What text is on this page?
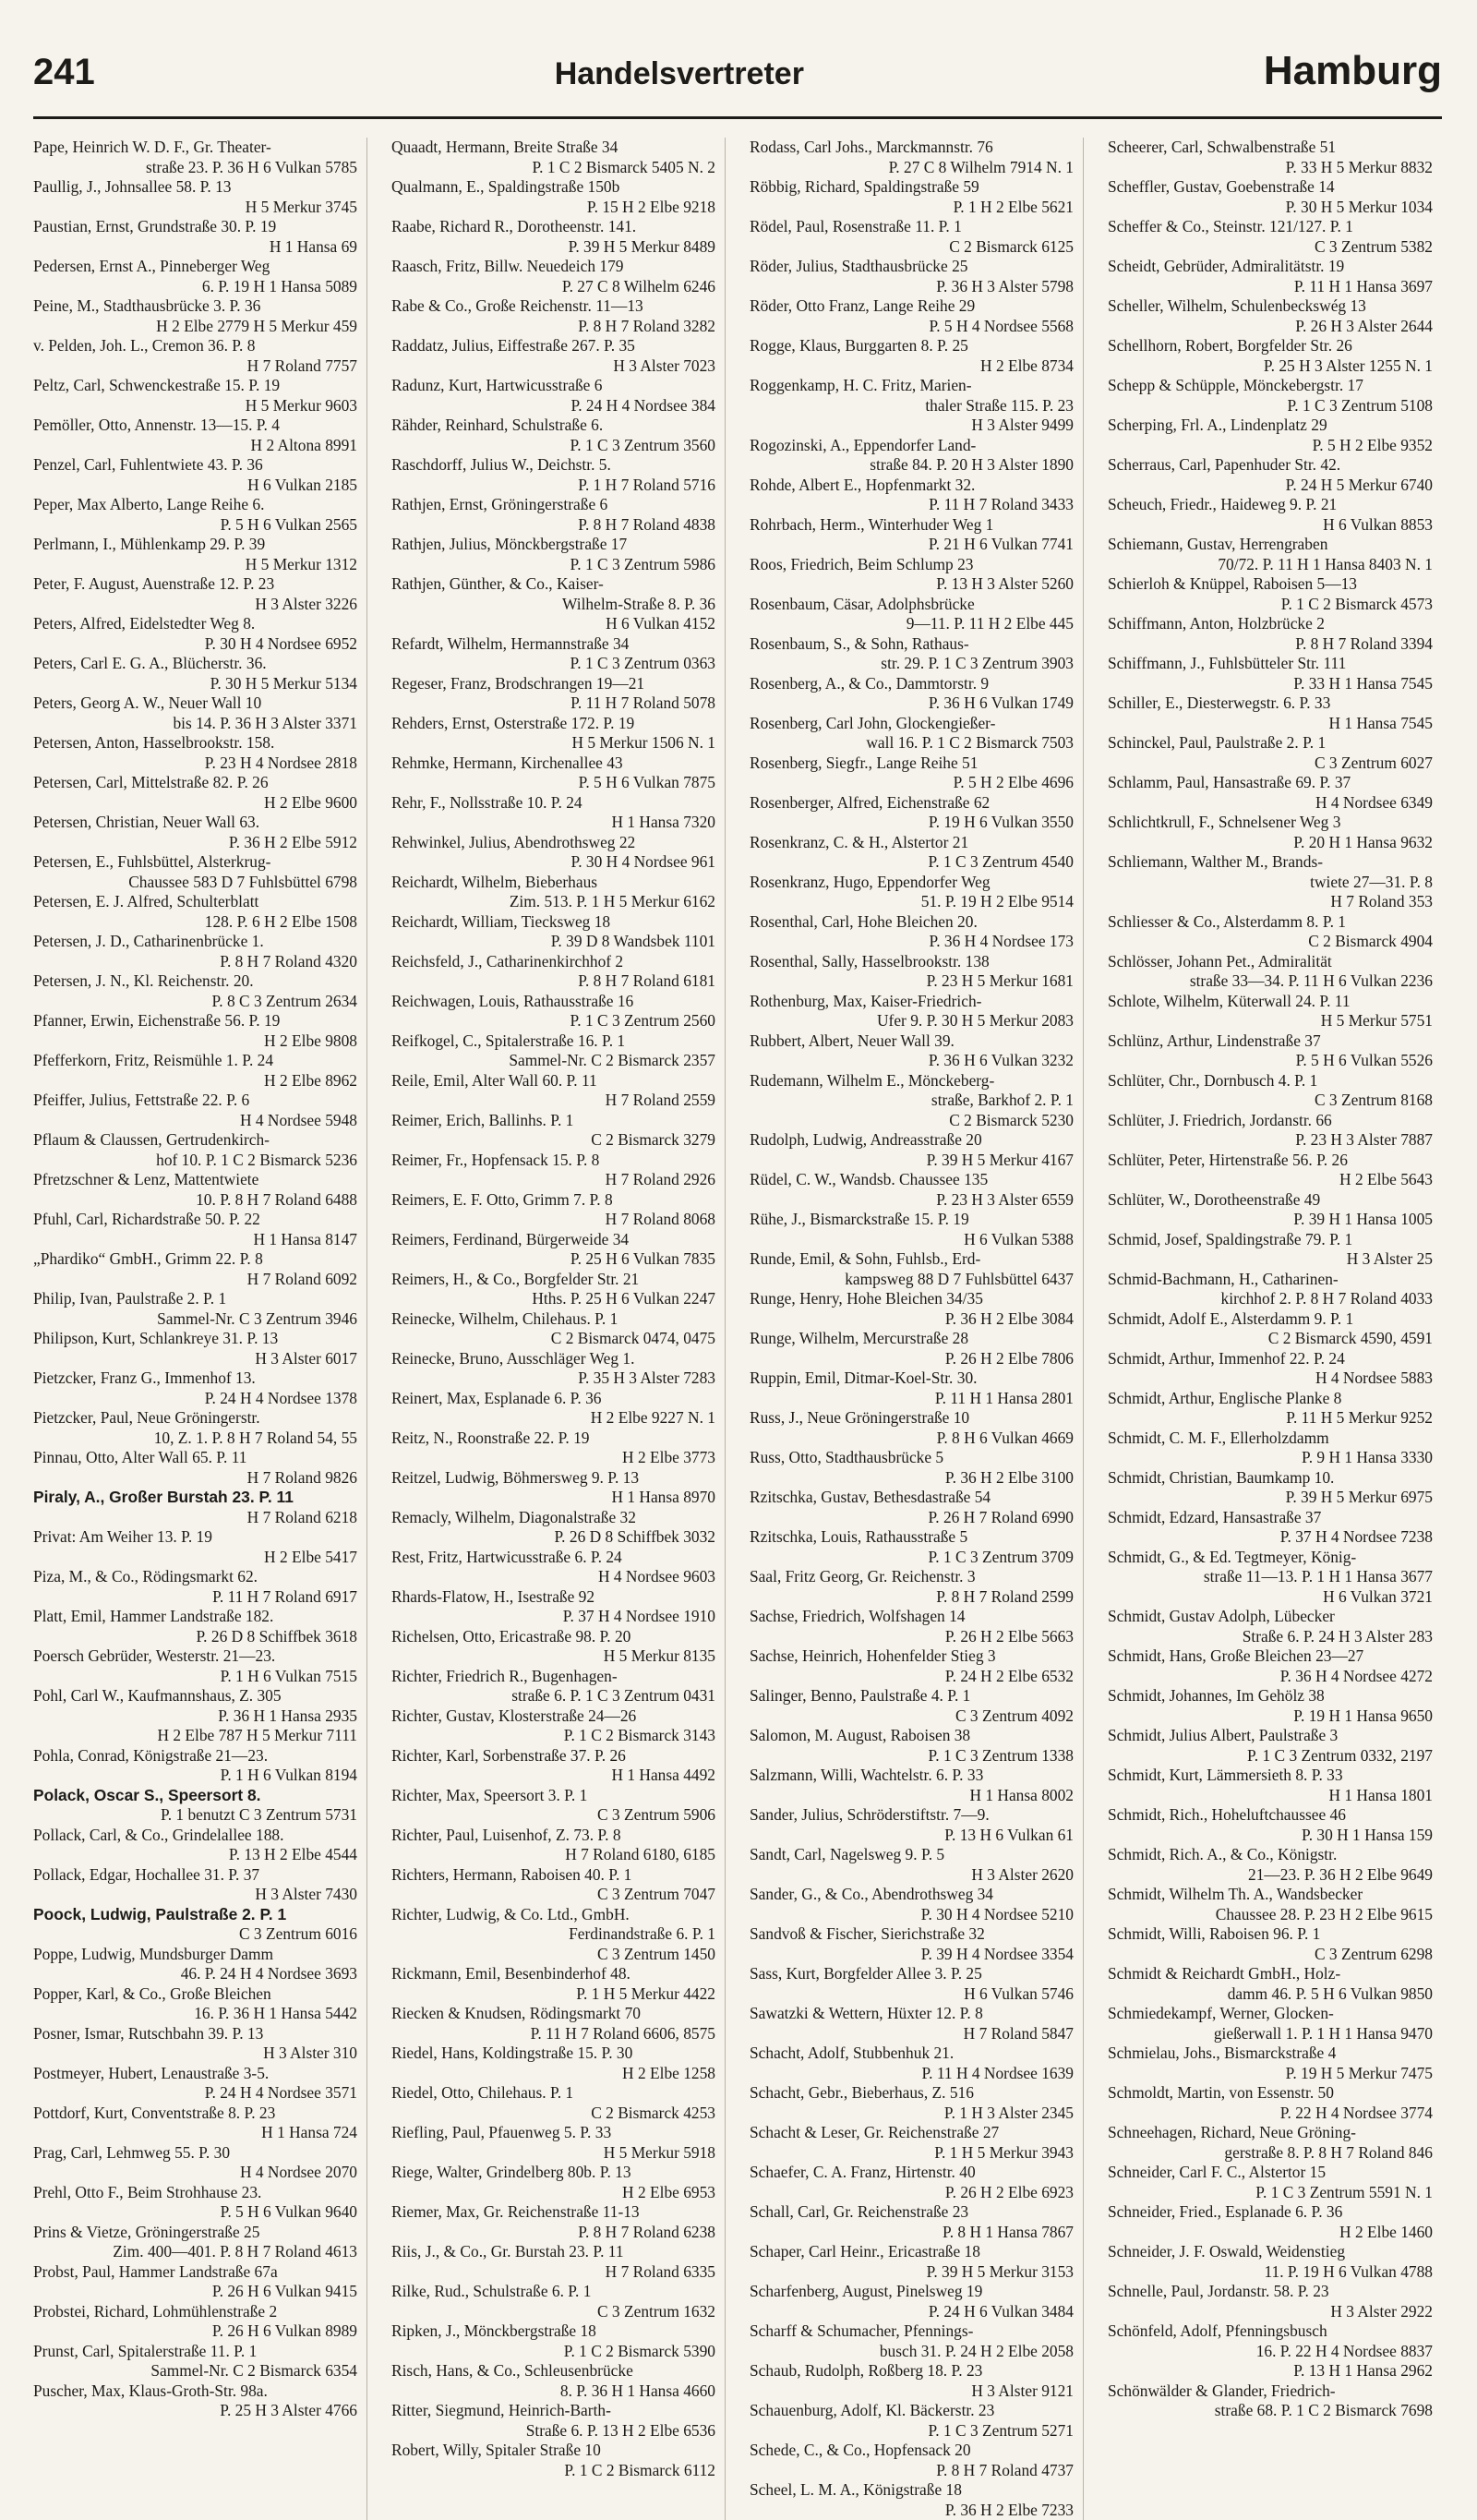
241	Handelsvertreter	Hamburg
Pape, Heinrich W. D. F., Gr. Theater-
straße 23. P. 36 H 6 Vulkan 5785
Paullig, J., Johnsallee 58. P. 13
H 5 Merkur 3745
Paustian, Ernst, Grundstraße 30. P. 19
H 1 Hansa 69
Pedersen, Ernst A., Pinneberger Weg
6. P. 19 H 1 Hansa 5089
Peine, M., Stadthausbrücke 3. P. 36
H 2 Elbe 2779 H 5 Merkur 459
v. Pelden, Joh. L., Cremon 36. P. 8
H 7 Roland 7757
Peltz, Carl, Schwenckestraße 15. P. 19
H 5 Merkur 9603
Pemöller, Otto, Annenstr. 13—15. P. 4
H 2 Altona 8991
Penzel, Carl, Fuhlentwiete 43. P. 36
H 6 Vulkan 2185
Peper, Max Alberto, Lange Reihe 6.
P. 5 H 6 Vulkan 2565
Perlmann, I., Mühlenkamp 29. P. 39
H 5 Merkur 1312
Peter, F. August, Auenstraße 12. P. 23
H 3 Alster 3226
Peters, Alfred, Eidelstedter Weg 8.
P. 30 H 4 Nordsee 6952
Peters, Carl E. G. A., Blücherstr. 36.
P. 30 H 5 Merkur 5134
Peters, Georg A. W., Neuer Wall 10
bis 14. P. 36 H 3 Alster 3371
Petersen, Anton, Hasselbrookstr. 158.
P. 23 H 4 Nordsee 2818
Petersen, Carl, Mittelstraße 82. P. 26
H 2 Elbe 9600
Petersen, Christian, Neuer Wall 63.
P. 36 H 2 Elbe 5912
Petersen, E., Fuhlsbüttel, Alsterkrug-
Chaussee 583 D 7 Fuhlsbüttel 6798
Petersen, E. J. Alfred, Schulterblatt
128. P. 6 H 2 Elbe 1508
Petersen, J. D., Catharinenbrücke 1.
P. 8 H 7 Roland 4320
Petersen, J. N., Kl. Reichenstr. 20.
P. 8 C 3 Zentrum 2634
Pfanner, Erwin, Eichenstraße 56. P. 19
H 2 Elbe 9808
Pfefferkorn, Fritz, Reismühle 1. P. 24
H 2 Elbe 8962
Pfeiffer, Julius, Fettstraße 22. P. 6
H 4 Nordsee 5948
Pflaum & Claussen, Gertrudenkirch-
hof 10. P. 1 C 2 Bismarck 5236
Pfretzschner & Lenz, Mattentwiete
10. P. 8 H 7 Roland 6488
Pfuhl, Carl, Richardstraße 50. P. 22
H 1 Hansa 8147
„Phardiko“ GmbH., Grimm 22. P. 8
H 7 Roland 6092
Philip, Ivan, Paulstraße 2. P. 1
Sammel-Nr. C 3 Zentrum 3946
Philipson, Kurt, Schlankreye 31. P. 13
H 3 Alster 6017
Pietzcker, Franz G., Immenhof 13.
P. 24 H 4 Nordsee 1378
Pietzcker, Paul, Neue Gröningerstr.
10, Z. 1. P. 8 H 7 Roland 54, 55
Pinnau, Otto, Alter Wall 65. P. 11
H 7 Roland 9826
Piraly, A., Großer Burstah 23. P. 11
H 7 Roland 6218
Privat: Am Weiher 13. P. 19
H 2 Elbe 5417
Piza, M., & Co., Rödingsmarkt 62.
P. 11 H 7 Roland 6917
Platt, Emil, Hammer Landstraße 182.
P. 26 D 8 Schiffbek 3618
Poersch Gebrüder, Westerstr. 21—23.
P. 1 H 6 Vulkan 7515
Pohl, Carl W., Kaufmannshaus, Z. 305
P. 36 H 1 Hansa 2935
H 2 Elbe 787 H 5 Merkur 7111
Pohla, Conrad, Königstraße 21—23.
P. 1 H 6 Vulkan 8194
Polack, Oscar S., Speersort 8.
P. 1 benutzt C 3 Zentrum 5731
Pollack, Carl, & Co., Grindelallee 188.
P. 13 H 2 Elbe 4544
Pollack, Edgar, Hochallee 31. P. 37
H 3 Alster 7430
Poock, Ludwig, Paulstraße 2. P. 1
C 3 Zentrum 6016
Poppe, Ludwig, Mundsburger Damm
46. P. 24 H 4 Nordsee 3693
Popper, Karl, & Co., Große Bleichen
16. P. 36 H 1 Hansa 5442
Posner, Ismar, Rutschbahn 39. P. 13
H 3 Alster 310
Postmeyer, Hubert, Lenaustraße 3-5.
P. 24 H 4 Nordsee 3571
Pottdorf, Kurt, Conventstraße 8. P. 23
H 1 Hansa 724
Prag, Carl, Lehmweg 55. P. 30
H 4 Nordsee 2070
Prehl, Otto F., Beim Strohhause 23.
P. 5 H 6 Vulkan 9640
Prins & Vietze, Gröningerstraße 25
Zim. 400—401. P. 8 H 7 Roland 4613
Probst, Paul, Hammer Landstraße 67a
P. 26 H 6 Vulkan 9415
Probstei, Richard, Lohmühlenstraße 2
P. 26 H 6 Vulkan 8989
Prunst, Carl, Spitalerstraße 11. P. 1
Sammel-Nr. C 2 Bismarck 6354
Puscher, Max, Klaus-Groth-Str. 98a.
P. 25 H 3 Alster 4766
Quaadt, Hermann, Breite Straße 34
P. 1 C 2 Bismarck 5405 N. 2
Qualmann, E., Spaldingstraße 150b
P. 15 H 2 Elbe 9218
Raabe, Richard R., Dorotheenstr. 141.
P. 39 H 5 Merkur 8489
Raasch, Fritz, Billw. Neuedeich 179
P. 27 C 8 Wilhelm 6246
Rabe & Co., Große Reichenstr. 11—13
P. 8 H 7 Roland 3282
Raddatz, Julius, Eiffestraße 267. P. 35
H 3 Alster 7023
Radunz, Kurt, Hartwicusstraße 6
P. 24 H 4 Nordsee 384
Rähder, Reinhard, Schulstraße 6.
P. 1 C 3 Zentrum 3560
Raschdorff, Julius W., Deichstr. 5.
P. 1 H 7 Roland 5716
Rathjen, Ernst, Gröningerstraße 6
P. 8 H 7 Roland 4838
Rathjen, Julius, Mönckbergstraße 17
P. 1 C 3 Zentrum 5986
Rathjen, Günther, & Co., Kaiser-
Wilhelm-Straße 8. P. 36
H 6 Vulkan 4152
Refardt, Wilhelm, Hermannstraße 34
P. 1 C 3 Zentrum 0363
Regeser, Franz, Brodschrangen 19—21
P. 11 H 7 Roland 5078
Rehders, Ernst, Osterstraße 172. P. 19
H 5 Merkur 1506 N. 1
Rehmke, Hermann, Kirchenallee 43
P. 5 H 6 Vulkan 7875
Rehr, F., Nollsstraße 10. P. 24
H 1 Hansa 7320
Rehwinkel, Julius, Abendrothsweg 22
P. 30 H 4 Nordsee 961
Reichardt, Wilhelm, Bieberhaus
Zim. 513. P. 1 H 5 Merkur 6162
Reichardt, William, Tiecksweg 18
P. 39 D 8 Wandsbek 1101
Reichsfeld, J., Catharinenkirchhof 2
P. 8 H 7 Roland 6181
Reichwagen, Louis, Rathausstraße 16
P. 1 C 3 Zentrum 2560
Reifkogel, C., Spitalerstraße 16. P. 1
Sammel-Nr. C 2 Bismarck 2357
Reile, Emil, Alter Wall 60. P. 11
H 7 Roland 2559
Reimer, Erich, Ballinhs. P. 1
C 2 Bismarck 3279
Reimer, Fr., Hopfensack 15. P. 8
H 7 Roland 2926
Reimers, E. F. Otto, Grimm 7. P. 8
H 7 Roland 8068
Reimers, Ferdinand, Bürgerweide 34
P. 25 H 6 Vulkan 7835
Reimers, H., & Co., Borgfelder Str. 21
Hths. P. 25 H 6 Vulkan 2247
Reinecke, Wilhelm, Chilehaus. P. 1
C 2 Bismarck 0474, 0475
Reinecke, Bruno, Ausschläger Weg 1.
P. 35 H 3 Alster 7283
Reinert, Max, Esplanade 6. P. 36
H 2 Elbe 9227 N. 1
Reitz, N., Roonstraße 22. P. 19
H 2 Elbe 3773
Reitzel, Ludwig, Böhmersweg 9. P. 13
H 1 Hansa 8970
Remacly, Wilhelm, Diagonalstraße 32
P. 26 D 8 Schiffbek 3032
Rest, Fritz, Hartwicusstraße 6. P. 24
H 4 Nordsee 9603
Rhards-Flatow, H., Isestraße 92
P. 37 H 4 Nordsee 1910
Richelsen, Otto, Ericastraße 98. P. 20
H 5 Merkur 8135
Richter, Friedrich R., Bugenhagen-
straße 6. P. 1 C 3 Zentrum 0431
Richter, Gustav, Klosterstraße 24—26
P. 1 C 2 Bismarck 3143
Richter, Karl, Sorbenstraße 37. P. 26
H 1 Hansa 4492
Richter, Max, Speersort 3. P. 1
C 3 Zentrum 5906
Richter, Paul, Luisenhof, Z. 73. P. 8
H 7 Roland 6180, 6185
Richters, Hermann, Raboisen 40. P. 1
C 3 Zentrum 7047
Richter, Ludwig, & Co. Ltd., GmbH.
Ferdinandstraße 6. P. 1
C 3 Zentrum 1450
Rickmann, Emil, Besenbinderhof 48.
P. 1 H 5 Merkur 4422
Riecken & Knudsen, Rödingsmarkt 70
P. 11 H 7 Roland 6606, 8575
Riedel, Hans, Koldingstraße 15. P. 30
H 2 Elbe 1258
Riedel, Otto, Chilehaus. P. 1
C 2 Bismarck 4253
Riefling, Paul, Pfauenweg 5. P. 33
H 5 Merkur 5918
Riege, Walter, Grindelberg 80b. P. 13
H 2 Elbe 6953
Riemer, Max, Gr. Reichenstraße 11-13
P. 8 H 7 Roland 6238
Riis, J., & Co., Gr. Burstah 23. P. 11
H 7 Roland 6335
Rilke, Rud., Schulstraße 6. P. 1
C 3 Zentrum 1632
Ripken, J., Mönckbergstraße 18
P. 1 C 2 Bismarck 5390
Risch, Hans, & Co., Schleusenbrücke
8. P. 36 H 1 Hansa 4660
Ritter, Siegmund, Heinrich-Barth-
Straße 6. P. 13 H 2 Elbe 6536
Robert, Willy, Spitaler Straße 10
P. 1 C 2 Bismarck 6112
Rodass, Carl Johs., Marckmannstr. 76
P. 27 C 8 Wilhelm 7914 N. 1
Röbbig, Richard, Spaldingstraße 59
P. 1 H 2 Elbe 5621
Rödel, Paul, Rosenstraße 11. P. 1
C 2 Bismarck 6125
Röder, Julius, Stadthausbrücke 25
P. 36 H 3 Alster 5798
Röder, Otto Franz, Lange Reihe 29
P. 5 H 4 Nordsee 5568
Rogge, Klaus, Burggarten 8. P. 25
H 2 Elbe 8734
Roggenkamp, H. C. Fritz, Marien-
thaler Straße 115. P. 23
H 3 Alster 9499
Rogozinski, A., Eppendorfer Land-
straße 84. P. 20 H 3 Alster 1890
Rohde, Albert E., Hopfenmarkt 32.
P. 11 H 7 Roland 3433
Rohrbach, Herm., Winterhuder Weg 1
P. 21 H 6 Vulkan 7741
Roos, Friedrich, Beim Schlump 23
P. 13 H 3 Alster 5260
Rosenbaum, Cäsar, Adolphsbrücke
9—11. P. 11 H 2 Elbe 445
Rosenbaum, S., & Sohn, Rathaus-
str. 29. P. 1 C 3 Zentrum 3903
Rosenberg, A., & Co., Dammtorstr. 9
P. 36 H 6 Vulkan 1749
Rosenberg, Carl John, Glockengießer-
wall 16. P. 1 C 2 Bismarck 7503
Rosenberg, Siegfr., Lange Reihe 51
P. 5 H 2 Elbe 4696
Rosenberger, Alfred, Eichenstraße 62
P. 19 H 6 Vulkan 3550
Rosenkranz, C. & H., Alstertor 21
P. 1 C 3 Zentrum 4540
Rosenkranz, Hugo, Eppendorfer Weg
51. P. 19 H 2 Elbe 9514
Rosenthal, Carl, Hohe Bleichen 20.
P. 36 H 4 Nordsee 173
Rosenthal, Sally, Hasselbrookstr. 138
P. 23 H 5 Merkur 1681
Rothenburg, Max, Kaiser-Friedrich-
Ufer 9. P. 30 H 5 Merkur 2083
Rubbert, Albert, Neuer Wall 39.
P. 36 H 6 Vulkan 3232
Rudemann, Wilhelm E., Mönckeberg-
straße, Barkhof 2. P. 1
C 2 Bismarck 5230
Rudolph, Ludwig, Andreasstraße 20
P. 39 H 5 Merkur 4167
Rüdel, C. W., Wandsb. Chaussee 135
P. 23 H 3 Alster 6559
Rühe, J., Bismarckstraße 15. P. 19
H 6 Vulkan 5388
Runde, Emil, & Sohn, Fuhlsb., Erd-
kampsweg 88 D 7 Fuhlsbüttel 6437
Runge, Henry, Hohe Bleichen 34/35
P. 36 H 2 Elbe 3084
Runge, Wilhelm, Mercurstraße 28
P. 26 H 2 Elbe 7806
Ruppin, Emil, Ditmar-Koel-Str. 30.
P. 11 H 1 Hansa 2801
Russ, J., Neue Gröningerstraße 10
P. 8 H 6 Vulkan 4669
Russ, Otto, Stadthausbrücke 5
P. 36 H 2 Elbe 3100
Rzitschka, Gustav, Bethesdastraße 54
P. 26 H 7 Roland 6990
Rzitschka, Louis, Rathausstraße 5
P. 1 C 3 Zentrum 3709
Saal, Fritz Georg, Gr. Reichenstr. 3
P. 8 H 7 Roland 2599
Sachse, Friedrich, Wolfshagen 14
P. 26 H 2 Elbe 5663
Sachse, Heinrich, Hohenfelder Stieg 3
P. 24 H 2 Elbe 6532
Salinger, Benno, Paulstraße 4. P. 1
C 3 Zentrum 4092
Salomon, M. August, Raboisen 38
P. 1 C 3 Zentrum 1338
Salzmann, Willi, Wachtelstr. 6. P. 33
H 1 Hansa 8002
Sander, Julius, Schröderstiftstr. 7—9.
P. 13 H 6 Vulkan 61
Sandt, Carl, Nagelsweg 9. P. 5
H 3 Alster 2620
Sander, G., & Co., Abendrothsweg 34
P. 30 H 4 Nordsee 5210
Sandvoß & Fischer, Sierichstraße 32
P. 39 H 4 Nordsee 3354
Sass, Kurt, Borgfelder Allee 3. P. 25
H 6 Vulkan 5746
Sawatzki & Wettern, Hüxter 12. P. 8
H 7 Roland 5847
Schacht, Adolf, Stubbenhuk 21.
P. 11 H 4 Nordsee 1639
Schacht, Gebr., Bieberhaus, Z. 516
P. 1 H 3 Alster 2345
Schacht & Leser, Gr. Reichenstraße 27
P. 1 H 5 Merkur 3943
Schaefer, C. A. Franz, Hirtenstr. 40
P. 26 H 2 Elbe 6923
Schall, Carl, Gr. Reichenstraße 23
P. 8 H 1 Hansa 7867
Schaper, Carl Heinr., Ericastraße 18
P. 39 H 5 Merkur 3153
Scharfenberg, August, Pinelsweg 19
P. 24 H 6 Vulkan 3484
Scharff & Schumacher, Pfennings-
busch 31. P. 24 H 2 Elbe 2058
Schaub, Rudolph, Roßberg 18. P. 23
H 3 Alster 9121
Schauenburg, Adolf, Kl. Bäckerstr. 23
P. 1 C 3 Zentrum 5271
Schede, C., & Co., Hopfensack 20
P. 8 H 7 Roland 4737
Scheel, L. M. A., Königstraße 18
P. 36 H 2 Elbe 7233
Scheerer, Carl, Schwalbenstraße 51
P. 33 H 5 Merkur 8832
Scheffler, Gustav, Goebenstraße 14
P. 30 H 5 Merkur 1034
Scheffer & Co., Steinstr. 121/127. P. 1
C 3 Zentrum 5382
Scheidt, Gebrüder, Admiralitätstr. 19
P. 11 H 1 Hansa 3697
Scheller, Wilhelm, Schulenbeckswég 13
P. 26 H 3 Alster 2644
Schellhorn, Robert, Borgfelder Str. 26
P. 25 H 3 Alster 1255 N. 1
Schepp & Schüpple, Mönckebergstr. 17
P. 1 C 3 Zentrum 5108
Scherping, Frl. A., Lindenplatz 29
P. 5 H 2 Elbe 9352
Scherraus, Carl, Papenhuder Str. 42.
P. 24 H 5 Merkur 6740
Scheuch, Friedr., Haideweg 9. P. 21
H 6 Vulkan 8853
Schiemann, Gustav, Herrengraben
70/72. P. 11 H 1 Hansa 8403 N. 1
Schierloh & Knüppel, Raboisen 5—13
P. 1 C 2 Bismarck 4573
Schiffmann, Anton, Holzbrücke 2
P. 8 H 7 Roland 3394
Schiffmann, J., Fuhlsbütteler Str. 111
P. 33 H 1 Hansa 7545
Schiller, E., Diesterwegstr. 6. P. 33
H 1 Hansa 7545
Schinckel, Paul, Paulstraße 2. P. 1
C 3 Zentrum 6027
Schlamm, Paul, Hansastraße 69. P. 37
H 4 Nordsee 6349
Schlichtkrull, F., Schnelsener Weg 3
P. 20 H 1 Hansa 9632
Schliemann, Walther M., Brands-
twiete 27—31. P. 8
H 7 Roland 353
Schliesser & Co., Alsterdamm 8. P. 1
C 2 Bismarck 4904
Schlösser, Johann Pet., Admiralität
straße 33—34. P. 11 H 6 Vulkan 2236
Schlote, Wilhelm, Küterwall 24. P. 11
H 5 Merkur 5751
Schlünz, Arthur, Lindenstraße 37
P. 5 H 6 Vulkan 5526
Schlüter, Chr., Dornbusch 4. P. 1
C 3 Zentrum 8168
Schlüter, J. Friedrich, Jordanstr. 66
P. 23 H 3 Alster 7887
Schlüter, Peter, Hirtenstraße 56. P. 26
H 2 Elbe 5643
Schlüter, W., Dorotheenstraße 49
P. 39 H 1 Hansa 1005
Schmid, Josef, Spaldingstraße 79. P. 1
H 3 Alster 25
Schmid-Bachmann, H., Catharinen-
kirchhof 2. P. 8 H 7 Roland 4033
Schmidt, Adolf E., Alsterdamm 9. P. 1
C 2 Bismarck 4590, 4591
Schmidt, Arthur, Immenhof 22. P. 24
H 4 Nordsee 5883
Schmidt, Arthur, Englische Planke 8
P. 11 H 5 Merkur 9252
Schmidt, C. M. F., Ellerholzdamm
P. 9 H 1 Hansa 3330
Schmidt, Christian, Baumkamp 10.
P. 39 H 5 Merkur 6975
Schmidt, Edzard, Hansastraße 37
P. 37 H 4 Nordsee 7238
Schmidt, G., & Ed. Tegtmeyer, König-
straße 11—13. P. 1 H 1 Hansa 3677
H 6 Vulkan 3721
Schmidt, Gustav Adolph, Lübecker
Straße 6. P. 24 H 3 Alster 283
Schmidt, Hans, Große Bleichen 23—27
P. 36 H 4 Nordsee 4272
Schmidt, Johannes, Im Gehölz 38
P. 19 H 1 Hansa 9650
Schmidt, Julius Albert, Paulstraße 3
P. 1 C 3 Zentrum 0332, 2197
Schmidt, Kurt, Lämmersieth 8. P. 33
H 1 Hansa 1801
Schmidt, Rich., Hoheluftchaussee 46
P. 30 H 1 Hansa 159
Schmidt, Rich. A., & Co., Königstr.
21—23. P. 36 H 2 Elbe 9649
Schmidt, Wilhelm Th. A., Wandsbecker
Chaussee 28. P. 23 H 2 Elbe 9615
Schmidt, Willi, Raboisen 96. P. 1
C 3 Zentrum 6298
Schmidt & Reichardt GmbH., Holz-
damm 46. P. 5 H 6 Vulkan 9850
Schmiedekampf, Werner, Glocken-
gießerwall 1. P. 1 H 1 Hansa 9470
Schmielau, Johs., Bismarckstraße 4
P. 19 H 5 Merkur 7475
Schmoldt, Martin, von Essenstr. 50
P. 22 H 4 Nordsee 3774
Schneehagen, Richard, Neue Gröning-
gerstraße 8. P. 8 H 7 Roland 846
Schneider, Carl F. C., Alstertor 15
P. 1 C 3 Zentrum 5591 N. 1
Schneider, Fried., Esplanade 6. P. 36
H 2 Elbe 1460
Schneider, J. F. Oswald, Weidenstieg
11. P. 19 H 6 Vulkan 4788
Schnelle, Paul, Jordanstr. 58. P. 23
H 3 Alster 2922
Schönfeld, Adolf, Pfenningsbusch
16. P. 22 H 4 Nordsee 8837
P. 13 H 1 Hansa 2962
Schönwälder & Glander, Friedrich-
straße 68. P. 1 C 2 Bismarck 7698
